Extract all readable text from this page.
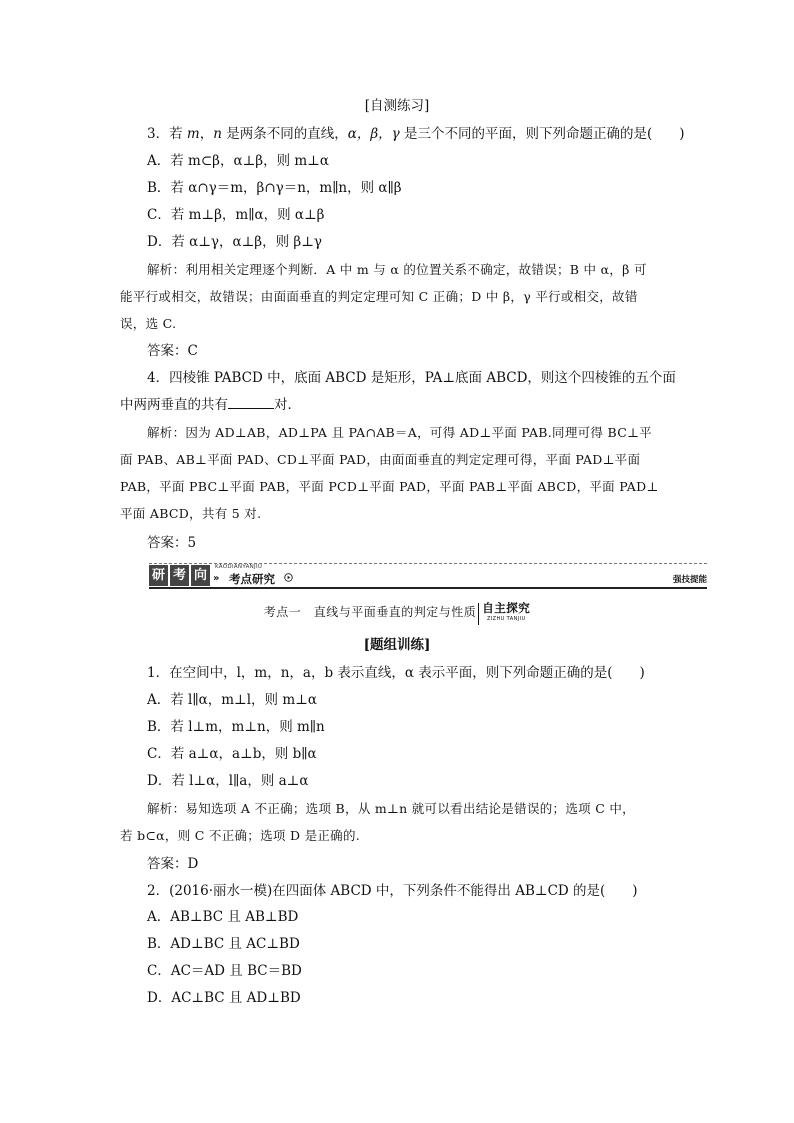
[自测练习]
3．若 m，n 是两条不同的直线，α，β，γ 是三个不同的平面，则下列命题正确的是(　　)
A．若 m⊂β，α⊥β，则 m⊥α
B．若 α∩γ＝m，β∩γ＝n，m∥n，则 α∥β
C．若 m⊥β，m∥α，则 α⊥β
D．若 α⊥γ，α⊥β，则 β⊥γ
解析：利用相关定理逐个判断．A 中 m 与 α 的位置关系不确定，故错误；B 中 α，β 可
能平行或相交，故错误；由面面垂直的判定定理可知 C 正确；D 中 β，γ 平行或相交，故错
误，选 C.
答案：C
4．四棱锥 PABCD 中，底面 ABCD 是矩形，PA⊥底面 ABCD，则这个四棱锥的五个面
中两两垂直的共有	对．
解析：因为 AD⊥AB，AD⊥PA 且 PA∩AB＝A，可得 AD⊥平面 PAB.同理可得 BC⊥平
面 PAB、AB⊥平面 PAD、CD⊥平面 PAD，由面面垂直的判定定理可得，平面 PAD⊥平面
PAB，平面 PBC⊥平面 PAB，平面 PCD⊥平面 PAD，平面 PAB⊥平面 ABCD，平面 PAD⊥
平面 ABCD，共有 5 对.
答案：5
研 考 向
KAODIANYANJIU
» 考点研究	强技提能
考点一　直线与平面垂直的判定与性质 自主探究
ZIZHU TANJIU
[题组训练]
1．在空间中，l，m，n，a，b 表示直线，α 表示平面，则下列命题正确的是(　　)
A．若 l∥α，m⊥l，则 m⊥α
B．若 l⊥m，m⊥n，则 m∥n
C．若 a⊥α，a⊥b，则 b∥α
D．若 l⊥α，l∥a，则 a⊥α
解析：易知选项 A 不正确；选项 B，从 m⊥n 就可以看出结论是错误的；选项 C 中，
若 b⊂α，则 C 不正确；选项 D 是正确的.
答案：D
2．(2016·丽水一模)在四面体 ABCD 中，下列条件不能得出 AB⊥CD 的是(　　)
A．AB⊥BC 且 AB⊥BD
B．AD⊥BC 且 AC⊥BD
C．AC＝AD 且 BC＝BD
D．AC⊥BC 且 AD⊥BD
